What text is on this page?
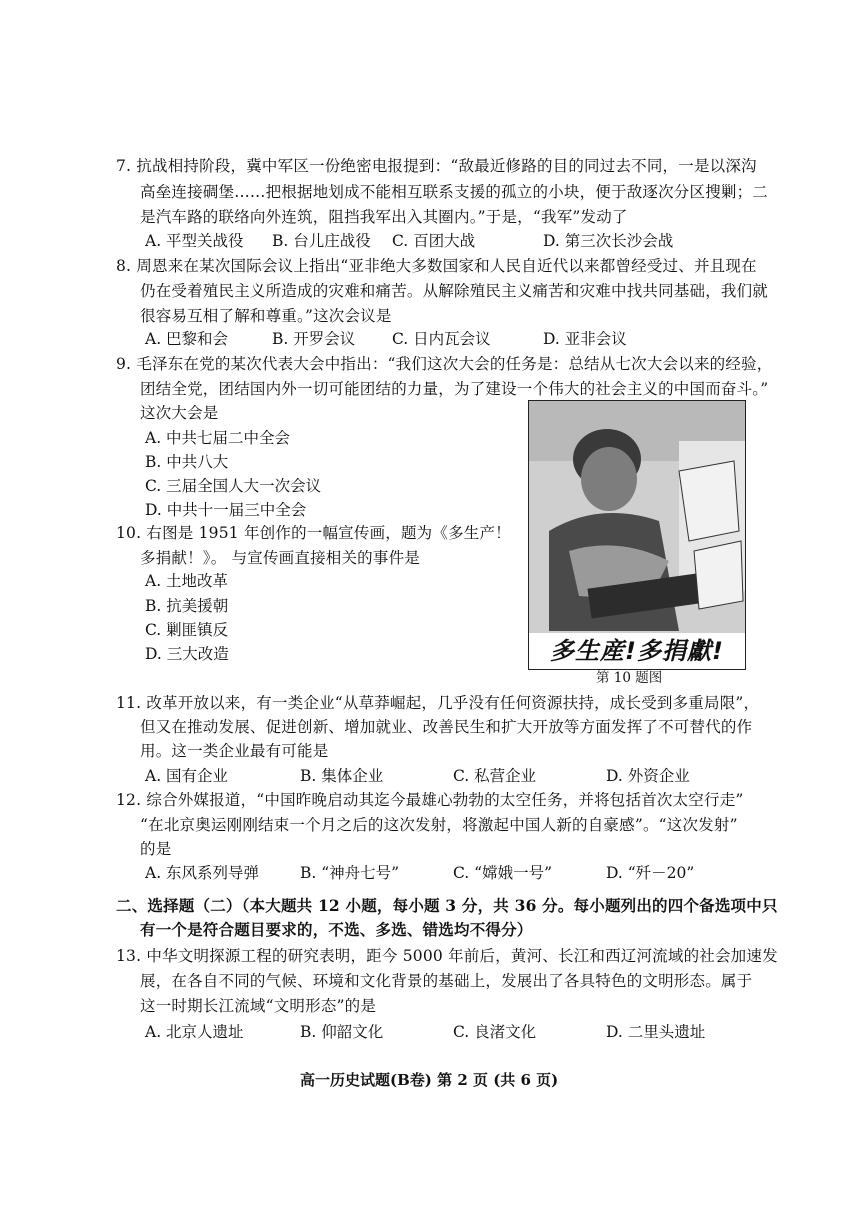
7. 抗战相持阶段，冀中军区一份绝密电报提到：“敌最近修路的目的同过去不同，一是以深沟
高垒连接碉堡……把根据地划成不能相互联系支援的孤立的小块，便于敌逐次分区搜剿；二
是汽车路的联络向外连筑，阻挡我军出入其圈内。”于是，“我军”发动了
A. 平型关战役 B. 台儿庄战役 C. 百团大战	D. 第三次长沙会战
8. 周恩来在某次国际会议上指出“亚非绝大多数国家和人民自近代以来都曾经受过、并且现在
仍在受着殖民主义所造成的灾难和痛苦。从解除殖民主义痛苦和灾难中找共同基础，我们就
很容易互相了解和尊重。”这次会议是
A. 巴黎和会	B. 开罗会议 C. 日内瓦会议	D. 亚非会议
9. 毛泽东在党的某次代表大会中指出：“我们这次大会的任务是：总结从七次大会以来的经验，
团结全党，团结国内外一切可能团结的力量，为了建设一个伟大的社会主义的中国而奋斗。”
这次大会是
A. 中共七届二中全会
B. 中共八大
C. 三届全国人大一次会议
D. 中共十一届三中全会
10. 右图是 1951 年创作的一幅宣传画，题为《多生产！
多捐献！》。 与宣传画直接相关的事件是
A. 土地改革
B. 抗美援朝
C. 剿匪镇反
D. 三大改造	多生産!多捐獻!
第 10 题图
11. 改革开放以来，有一类企业“从草莽崛起，几乎没有任何资源扶持，成长受到多重局限”，
但又在推动发展、促进创新、增加就业、改善民生和扩大开放等方面发挥了不可替代的作
用。这一类企业最有可能是
A. 国有企业	B. 集体企业	C. 私营企业	D. 外资企业
12. 综合外媒报道，“中国昨晚启动其迄今最雄心勃勃的太空任务，并将包括首次太空行走”
“在北京奥运刚刚结束一个月之后的这次发射，将激起中国人新的自豪感”。“这次发射”
的是
A. 东风系列导弹	B. “神舟七号”	C. “嫦娥一号”	D. “歼－20”
二、选择题（二）（本大题共 12 小题，每小题 3 分，共 36 分。每小题列出的四个备选项中只
有一个是符合题目要求的，不选、多选、错选均不得分）
13. 中华文明探源工程的研究表明，距今 5000 年前后，黄河、长江和西辽河流域的社会加速发
展，在各自不同的气候、环境和文化背景的基础上，发展出了各具特色的文明形态。属于
这一时期长江流域“文明形态”的是
A. 北京人遗址	B. 仰韶文化	C. 良渚文化	D. 二里头遗址
高一历史试题(B卷) 第 2 页 (共 6 页)
